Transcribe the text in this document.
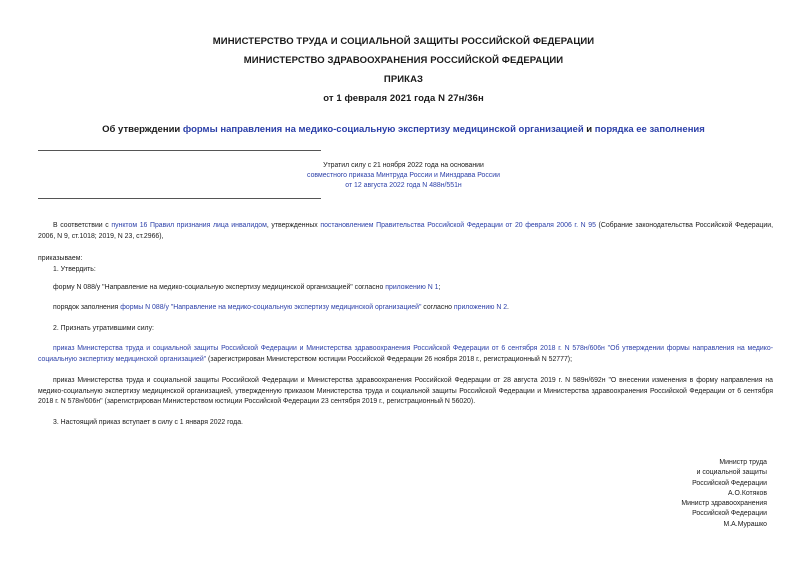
МИНИСТЕРСТВО ТРУДА И СОЦИАЛЬНОЙ ЗАЩИТЫ РОССИЙСКОЙ ФЕДЕРАЦИИ
МИНИСТЕРСТВО ЗДРАВООХРАНЕНИЯ РОССИЙСКОЙ ФЕДЕРАЦИИ
ПРИКАЗ
от 1 февраля 2021 года N 27н/36н
Об утверждении формы направления на медико-социальную экспертизу медицинской организацией и порядка ее заполнения
Утратил силу с 21 ноября 2022 года на основании
совместного приказа Минтруда России и Минздрава России
от 12 августа 2022 года N 488н/551н
В соответствии с пунктом 16 Правил признания лица инвалидом, утвержденных постановлением Правительства Российской Федерации от 20 февраля 2006 г. N 95 (Собрание законодательства Российской Федерации, 2006, N 9, ст.1018; 2019, N 23, ст.2966),
приказываем:
1. Утвердить:
форму N 088/у "Направление на медико-социальную экспертизу медицинской организацией" согласно приложению N 1;
порядок заполнения формы N 088/у "Направление на медико-социальную экспертизу медицинской организацией" согласно приложению N 2.
2. Признать утратившими силу:
приказ Министерства труда и социальной защиты Российской Федерации и Министерства здравоохранения Российской Федерации от 6 сентября 2018 г. N 578н/606н "Об утверждении формы направления на медико-социальную экспертизу медицинской организацией" (зарегистрирован Министерством юстиции Российской Федерации 26 ноября 2018 г., регистрационный N 52777);
приказ Министерства труда и социальной защиты Российской Федерации и Министерства здравоохранения Российской Федерации от 28 августа 2019 г. N 589н/692н "О внесении изменения в форму направления на медико-социальную экспертизу медицинской организацией, утвержденную приказом Министерства труда и социальной защиты Российской Федерации и Министерства здравоохранения Российской Федерации от 6 сентября 2018 г. N 578н/606н" (зарегистрирован Министерством юстиции Российской Федерации 23 сентября 2019 г., регистрационный N 56020).
3. Настоящий приказ вступает в силу с 1 января 2022 года.
Министр труда
и социальной защиты
Российской Федерации
А.О.Котяков
Министр здравоохранения
Российской Федерации
М.А.Мурашко
